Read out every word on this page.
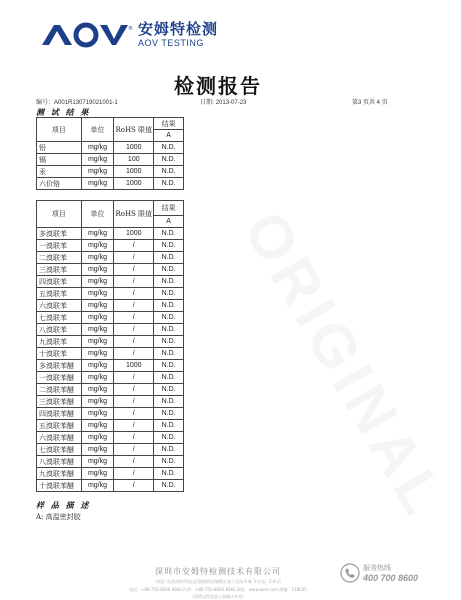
® 安姆特检测
AOV TESTING
检测报告
编号：A001R130719021001-1	日期: 2013-07-23	第3 页共 4 页
测 试 结 果
项目	单位	RoHS 限值	结果
			A
铅	mg/kg	1000	N.D.
镉	mg/kg	100	N.D.
汞	mg/kg	1000	N.D.
六价铬	mg/kg	1000	N.D.
项目	单位	RoHS 限值	结果
			A
多溴联苯	mg/kg	1000	N.D.
一溴联苯	mg/kg	/	N.D.
二溴联苯	mg/kg	/	N.D.
三溴联苯	mg/kg	/	N.D.
四溴联苯	mg/kg	/	N.D.
五溴联苯	mg/kg	/	N.D.
六溴联苯	mg/kg	/	N.D.
七溴联苯	mg/kg	/	N.D.
八溴联苯	mg/kg	/	N.D.
九溴联苯	mg/kg	/	N.D.
十溴联苯	mg/kg	/	N.D.
多溴联苯醚	mg/kg	1000	N.D.
一溴联苯醚	mg/kg	/	N.D.
二溴联苯醚	mg/kg	/	N.D.
三溴联苯醚	mg/kg	/	N.D.
四溴联苯醚	mg/kg	/	N.D.
五溴联苯醚	mg/kg	/	N.D.
六溴联苯醚	mg/kg	/	N.D.
七溴联苯醚	mg/kg	/	N.D.
八溴联苯醚	mg/kg	/	N.D.
九溴联苯醚	mg/kg	/	N.D.
十溴联苯醚	mg/kg	/	N.D.
样 品 描 述
A: 高温密封胶	ORIGINAL
深圳市安姆特检测技术有限公司
中国广东省深圳市南山区桃源街道塘朗五金工业园 6 栋 3 层东，2-4 层
电话：+86-755-8600 8600 传真：+86-755-8600 8282 网址：www.aovt.com 邮编：518055
（请将文件加盖公章确认有效）
服务热线
400 700 8600
